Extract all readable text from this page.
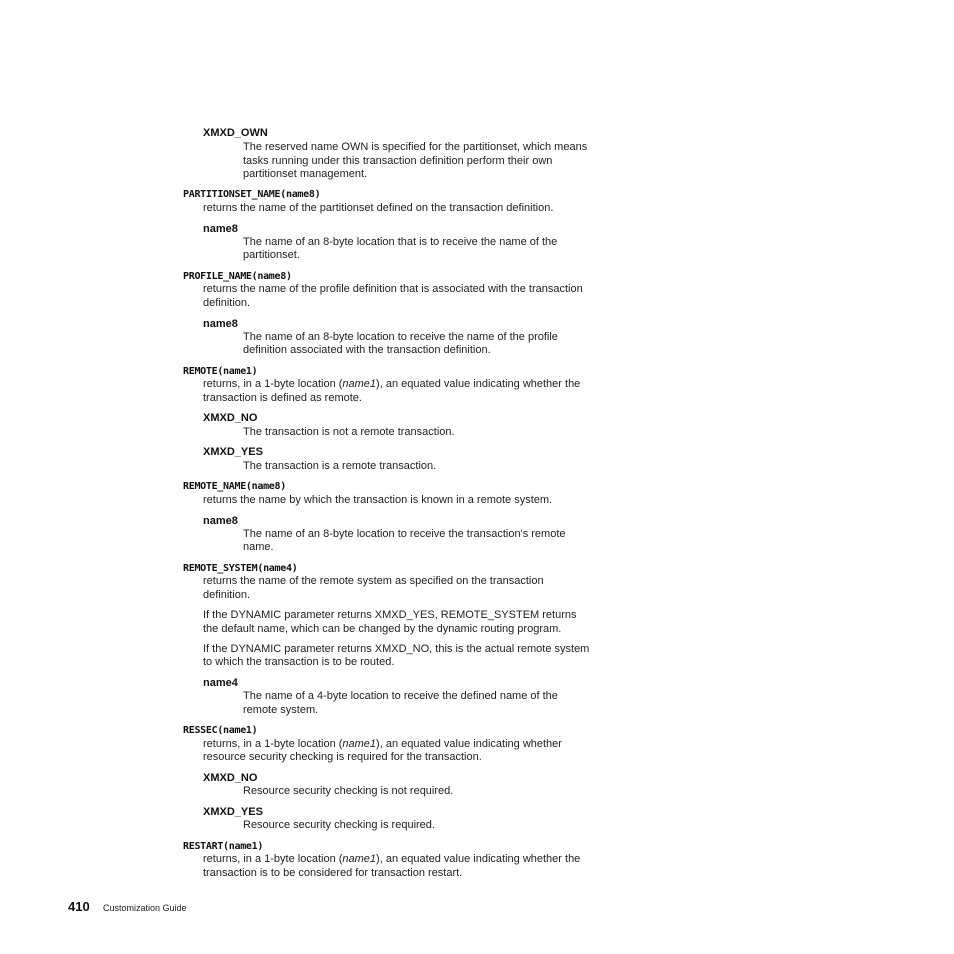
XMXD_OWN
The reserved name OWN is specified for the partitionset, which means
tasks running under this transaction definition perform their own
partitionset management.
PARTITIONSET_NAME(name8)
returns the name of the partitionset defined on the transaction definition.
name8
The name of an 8-byte location that is to receive the name of the
partitionset.
PROFILE_NAME(name8)
returns the name of the profile definition that is associated with the transaction
definition.
name8
The name of an 8-byte location to receive the name of the profile
definition associated with the transaction definition.
REMOTE(name1)
returns, in a 1-byte location (name1), an equated value indicating whether the
transaction is defined as remote.
XMXD_NO
The transaction is not a remote transaction.
XMXD_YES
The transaction is a remote transaction.
REMOTE_NAME(name8)
returns the name by which the transaction is known in a remote system.
name8
The name of an 8-byte location to receive the transaction's remote
name.
REMOTE_SYSTEM(name4)
returns the name of the remote system as specified on the transaction
definition.
If the DYNAMIC parameter returns XMXD_YES, REMOTE_SYSTEM returns
the default name, which can be changed by the dynamic routing program.
If the DYNAMIC parameter returns XMXD_NO, this is the actual remote system
to which the transaction is to be routed.
name4
The name of a 4-byte location to receive the defined name of the
remote system.
RESSEC(name1)
returns, in a 1-byte location (name1), an equated value indicating whether
resource security checking is required for the transaction.
XMXD_NO
Resource security checking is not required.
XMXD_YES
Resource security checking is required.
RESTART(name1)
returns, in a 1-byte location (name1), an equated value indicating whether the
transaction is to be considered for transaction restart.
410 Customization Guide
